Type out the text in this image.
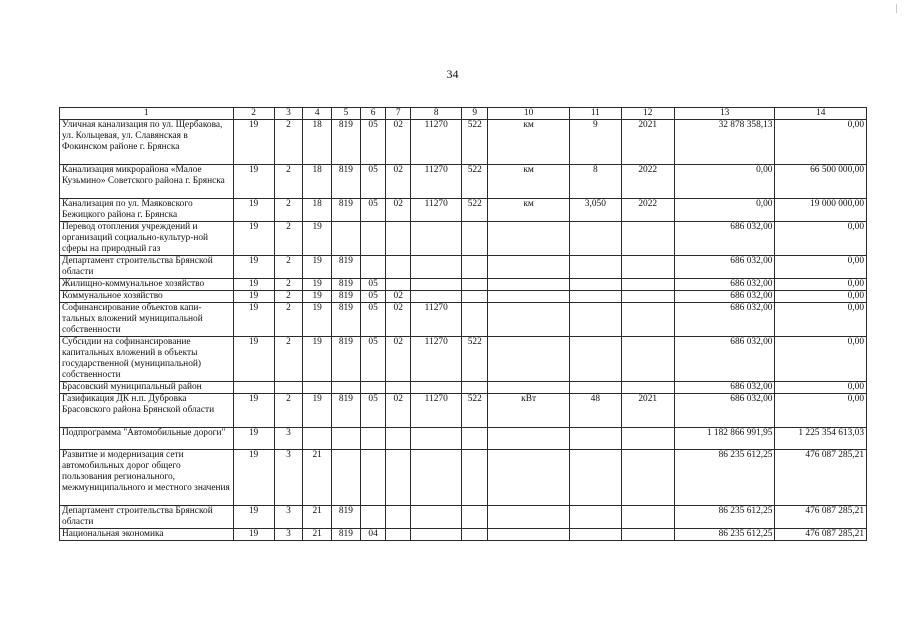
34
1	2	3	4	5	6	7	8	9	10	11	12	13	14
Уличная канализация по ул. Щербакова, ул. Кольцевая, ул. Славянская в Фокинском районе г. Брянска	19	2	18	819	05	02	11270	522	км	9	2021	32 878 358,13	0,00
Канализация микрорайона «Малое Кузьмино» Советского района г. Брянска	19	2	18	819	05	02	11270	522	км	8	2022	0,00	66 500 000,00
Канализация по ул. Маяковского Бежицкого района г. Брянска	19	2	18	819	05	02	11270	522	км	3,050	2022	0,00	19 000 000,00
Перевод отопления учреждений и организаций социально-культур-ной сферы на природный газ	19	2	19									686 032,00	0,00
Департамент строительства Брянской области	19	2	19	819								686 032,00	0,00
Жилищно-коммунальное хозяйство	19	2	19	819	05							686 032,00	0,00
Коммунальное хозяйство	19	2	19	819	05	02						686 032,00	0,00
Софинансирование объектов капи-тальных вложений муниципальной собственности	19	2	19	819	05	02	11270					686 032,00	0,00
Субсидии на софинансирование капитальных вложений в объекты государственной (муниципальной) собственности	19	2	19	819	05	02	11270	522				686 032,00	0,00
Брасовский муниципальный район												686 032,00	0,00
Газификация ДК н.п. Дубровка Брасовского района Брянской области	19	2	19	819	05	02	11270	522	кВт	48	2021	686 032,00	0,00
Подпрограмма "Автомобильные дороги"	19	3										1 182 866 991,95	1 225 354 613,03
Развитие и модернизация сети автомобильных дорог общего пользования регионального, межмуниципального и местного значения	19	3	21									86 235 612,25	476 087 285,21
Департамент строительства Брянской области	19	3	21	819								86 235 612,25	476 087 285,21
Национальная экономика	19	3	21	819	04							86 235 612,25	476 087 285,21
